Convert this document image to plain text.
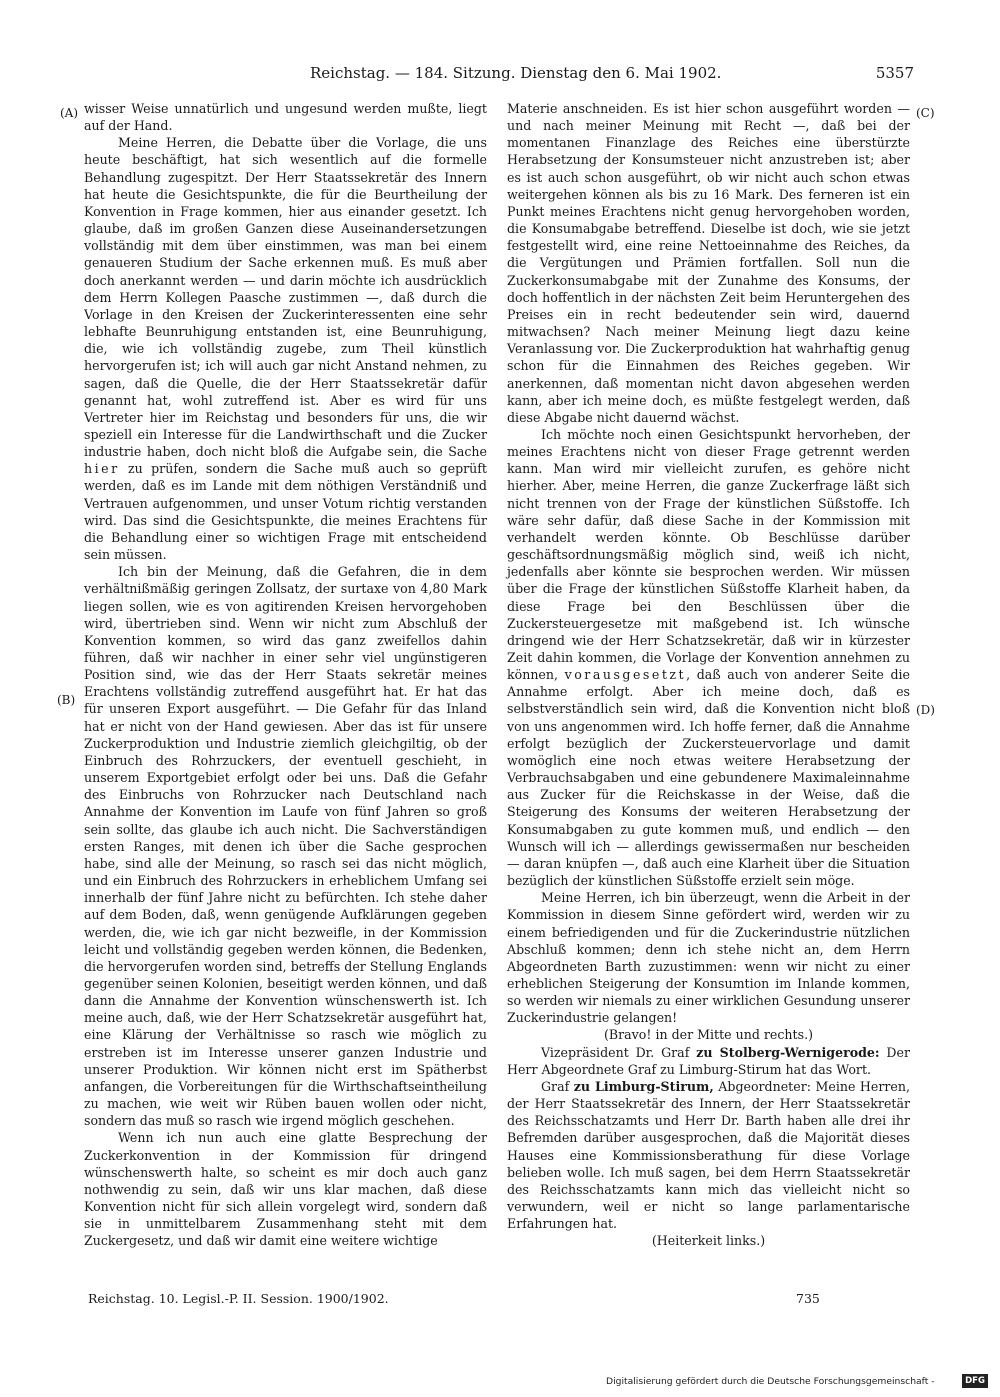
Reichstag. — 184. Sitzung. Dienstag den 6. Mai 1902.	5357
(A)
(B)
(C)
(D)

wisser Weise unnatürlich und ungesund werden mußte, liegt auf der Hand.

Meine Herren, die Debatte über die Vorlage, die uns heute beschäftigt, hat sich wesentlich auf die formelle Behandlung zugespitzt. Der Herr Staatssekretär des Innern hat heute die Gesichtspunkte, die für die Beurtheilung der Konvention in Frage kommen, hier aus einander gesetzt. Ich glaube, daß im großen Ganzen diese Auseinandersetzungen vollständig mit dem über einstimmen, was man bei einem genaueren Studium der Sache erkennen muß. Es muß aber doch anerkannt werden — und darin möchte ich ausdrücklich dem Herrn Kollegen Paasche zustimmen —, daß durch die Vorlage in den Kreisen der Zuckerinteressenten eine sehr lebhafte Beunruhigung entstanden ist, eine Beunruhigung, die, wie ich vollständig zugebe, zum Theil künstlich hervorgerufen ist; ich will auch gar nicht Anstand nehmen, zu sagen, daß die Quelle, die der Herr Staatssekretär dafür genannt hat, wohl zutreffend ist. Aber es wird für uns Vertreter hier im Reichstag und besonders für uns, die wir speziell ein Interesse für die Landwirthschaft und die Zucker industrie haben, doch nicht bloß die Aufgabe sein, die Sache hier zu prüfen, sondern die Sache muß auch so geprüft werden, daß es im Lande mit dem nöthigen Verständniß und Vertrauen aufgenommen, und unser Votum richtig verstanden wird. Das sind die Gesichtspunkte, die meines Erachtens für die Behandlung einer so wichtigen Frage mit entscheidend sein müssen.

Ich bin der Meinung, daß die Gefahren, die in dem verhältnißmäßig geringen Zollsatz, der surtaxe von 4,80 Mark liegen sollen, wie es von agitirenden Kreisen hervorgehoben wird, übertrieben sind. Wenn wir nicht zum Abschluß der Konvention kommen, so wird das ganz zweifellos dahin führen, daß wir nachher in einer sehr viel ungünstigeren Position sind, wie das der Herr Staats sekretär meines Erachtens vollständig zutreffend ausgeführt hat. Er hat das für unseren Export ausgeführt. — Die Gefahr für das Inland hat er nicht von der Hand gewiesen. Aber das ist für unsere Zuckerproduktion und Industrie ziemlich gleichgiltig, ob der Einbruch des Rohrzuckers, der eventuell geschieht, in unserem Exportgebiet erfolgt oder bei uns. Daß die Gefahr des Einbruchs von Rohrzucker nach Deutschland nach Annahme der Konvention im Laufe von fünf Jahren so groß sein sollte, das glaube ich auch nicht. Die Sachverständigen ersten Ranges, mit denen ich über die Sache gesprochen habe, sind alle der Meinung, so rasch sei das nicht möglich, und ein Einbruch des Rohrzuckers in erheblichem Umfang sei innerhalb der fünf Jahre nicht zu befürchten. Ich stehe daher auf dem Boden, daß, wenn genügende Aufklärungen gegeben werden, die, wie ich gar nicht bezweifle, in der Kommission leicht und vollständig gegeben werden können, die Bedenken, die hervorgerufen worden sind, betreffs der Stellung Englands gegenüber seinen Kolonien, beseitigt werden können, und daß dann die Annahme der Konvention wünschenswerth ist. Ich meine auch, daß, wie der Herr Schatzsekretär ausgeführt hat, eine Klärung der Verhältnisse so rasch wie möglich zu erstreben ist im Interesse unserer ganzen Industrie und unserer Produktion. Wir können nicht erst im Spätherbst anfangen, die Vorbereitungen für die Wirthschaftseintheilung zu machen, wie weit wir Rüben bauen wollen oder nicht, sondern das muß so rasch wie irgend möglich geschehen.

Wenn ich nun auch eine glatte Besprechung der Zuckerkonvention in der Kommission für dringend wünschenswerth halte, so scheint es mir doch auch ganz nothwendig zu sein, daß wir uns klar machen, daß diese Konvention nicht für sich allein vorgelegt wird, sondern daß sie in unmittelbarem Zusammenhang steht mit dem Zuckergesetz, und daß wir damit eine weitere wichtige

Materie anschneiden. Es ist hier schon ausgeführt worden — und nach meiner Meinung mit Recht —, daß bei der momentanen Finanzlage des Reiches eine überstürzte Herabsetzung der Konsumsteuer nicht anzustreben ist; aber es ist auch schon ausgeführt, ob wir nicht auch schon etwas weitergehen können als bis zu 16 Mark. Des ferneren ist ein Punkt meines Erachtens nicht genug hervorgehoben worden, die Konsumabgabe betreffend. Dieselbe ist doch, wie sie jetzt festgestellt wird, eine reine Nettoeinnahme des Reiches, da die Vergütungen und Prämien fortfallen. Soll nun die Zuckerkonsumabgabe mit der Zunahme des Konsums, der doch hoffentlich in der nächsten Zeit beim Heruntergehen des Preises ein in recht bedeutender sein wird, dauernd mitwachsen? Nach meiner Meinung liegt dazu keine Veranlassung vor. Die Zuckerproduktion hat wahrhaftig genug schon für die Einnahmen des Reiches gegeben. Wir anerkennen, daß momentan nicht davon abgesehen werden kann, aber ich meine doch, es müßte festgelegt werden, daß diese Abgabe nicht dauernd wächst.

Ich möchte noch einen Gesichtspunkt hervorheben, der meines Erachtens nicht von dieser Frage getrennt werden kann. Man wird mir vielleicht zurufen, es gehöre nicht hierher. Aber, meine Herren, die ganze Zuckerfrage läßt sich nicht trennen von der Frage der künstlichen Süßstoffe. Ich wäre sehr dafür, daß diese Sache in der Kommission mit verhandelt werden könnte. Ob Beschlüsse darüber geschäftsordnungsmäßig möglich sind, weiß ich nicht, jedenfalls aber könnte sie besprochen werden. Wir müssen über die Frage der künstlichen Süßstoffe Klarheit haben, da diese Frage bei den Beschlüssen über die Zuckersteuergesetze mit maßgebend ist. Ich wünsche dringend wie der Herr Schatzsekretär, daß wir in kürzester Zeit dahin kommen, die Vorlage der Konvention annehmen zu können, vorausgesetzt, daß auch von anderer Seite die Annahme erfolgt. Aber ich meine doch, daß es selbstverständlich sein wird, daß die Konvention nicht bloß von uns angenommen wird. Ich hoffe ferner, daß die Annahme erfolgt bezüglich der Zuckersteuervorlage und damit womöglich eine noch etwas weitere Herabsetzung der Verbrauchsabgaben und eine gebundenere Maximaleinnahme aus Zucker für die Reichskasse in der Weise, daß die Steigerung des Konsums der weiteren Herabsetzung der Konsumabgaben zu gute kommen muß, und endlich — den Wunsch will ich — allerdings gewissermaßen nur bescheiden — daran knüpfen —, daß auch eine Klarheit über die Situation bezüglich der künstlichen Süßstoffe erzielt sein möge.

Meine Herren, ich bin überzeugt, wenn die Arbeit in der Kommission in diesem Sinne gefördert wird, werden wir zu einem befriedigenden und für die Zuckerindustrie nützlichen Abschluß kommen; denn ich stehe nicht an, dem Herrn Abgeordneten Barth zuzustimmen: wenn wir nicht zu einer erheblichen Steigerung der Konsumtion im Inlande kommen, so werden wir niemals zu einer wirklichen Gesundung unserer Zuckerindustrie gelangen!

(Bravo! in der Mitte und rechts.)

Vizepräsident Dr. Graf zu Stolberg-Wernigerode: Der Herr Abgeordnete Graf zu Limburg-Stirum hat das Wort.

Graf zu Limburg-Stirum, Abgeordneter: Meine Herren, der Herr Staatssekretär des Innern, der Herr Staatssekretär des Reichsschatzamts und Herr Dr. Barth haben alle drei ihr Befremden darüber ausgesprochen, daß die Majorität dieses Hauses eine Kommissionsberathung für diese Vorlage belieben wolle. Ich muß sagen, bei dem Herrn Staatssekretär des Reichsschatzamts kann mich das vielleicht nicht so verwundern, weil er nicht so lange parlamentarische Erfahrungen hat.

(Heiterkeit links.)

Reichstag. 10. Legisl.-P. II. Session. 1900/1902.	735
Digitalisierung gefördert durch die Deutsche Forschungsgemeinschaft -	DFG
